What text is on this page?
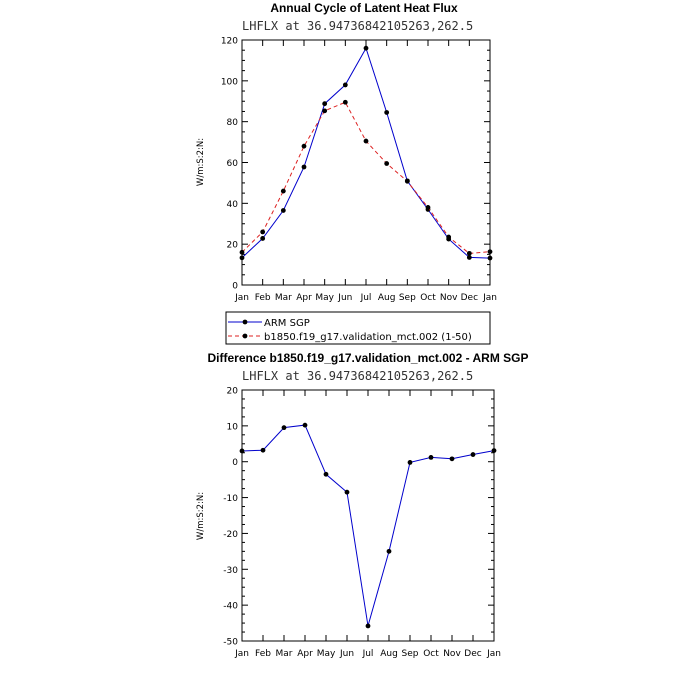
Annual Cycle of Latent Heat Flux
LHFLX at 36.94736842105263,262.5
W/m:S:2:N:
0
20
40
60
80
100
120
Jan Feb Mar Apr May Jun Jul Aug Sep Oct Nov Dec Jan
ARM SGP
b1850.f19_g17.validation_mct.002 (1-50)
Difference b1850.f19_g17.validation_mct.002 - ARM SGP
LHFLX at 36.94736842105263,262.5
W/m:S:2:N:
-50
-40
-30
-20
-10
0
10
20
Jan Feb Mar Apr May Jun Jul Aug Sep Oct Nov Dec Jan
